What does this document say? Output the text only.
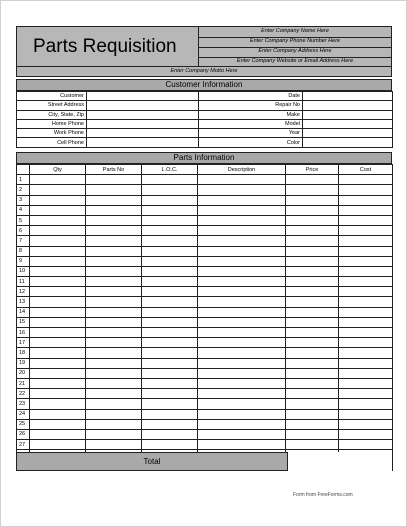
Parts Requisition
Enter Company Name Here
Enter Company Phone Number Here
Enter Company Address Here
Enter Company Website or Email Address Here
Enter Company Motto Here
Customer Information
Customer		Date	
Street Address		Repair No	
City, State, Zip		Make	
Home Phone		Model	
Work Phone		Year	
Cell Phone		Color	
Parts Information
	Qty	Parts No	L.O.C.	Description	Price	Cost
1						
2						
3						
4						
5						
6						
7						
8						
9						
10						
11						
12						
13						
14						
15						
16						
17						
18						
19						
20						
21						
22						
23						
24						
25						
26						
27						

Total
Form from FreeForms.com
